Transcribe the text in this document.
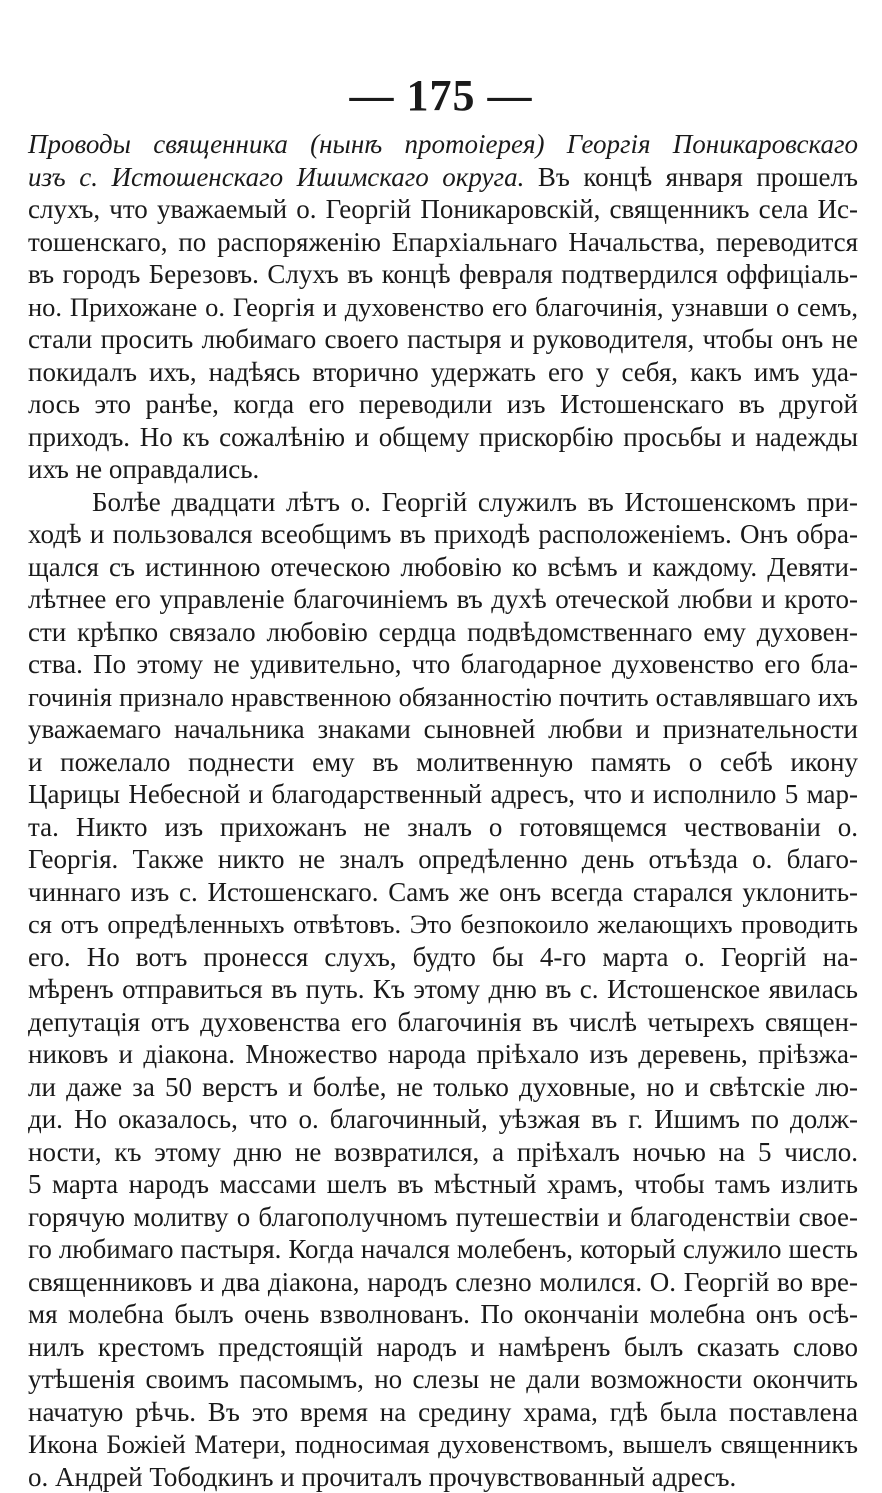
— 175 —
Проводы священника (нынѣ протоіерея) Георгія Поникаровскаго
изъ с. Истошенскаго Ишимскаго округа. Въ концѣ января прошелъ
слухъ, что уважаемый о. Георгій Поникаровскій, священникъ села Ис-
тошенскаго, по распоряженію Епархіальнаго Начальства, переводится
въ городъ Березовъ. Слухъ въ концѣ февраля подтвердился оффиціаль-
но. Прихожане о. Георгія и духовенство его благочинія, узнавши о семъ,
стали просить любимаго своего пастыря и руководителя, чтобы онъ не
покидалъ ихъ, надѣясь вторично удержать его у себя, какъ имъ уда-
лось это ранѣе, когда его переводили изъ Истошенскаго въ другой
приходъ. Но къ сожалѣнію и общему прискорбію просьбы и надежды
ихъ не оправдались.
Болѣе двадцати лѣтъ о. Георгій служилъ въ Истошенскомъ при-
ходѣ и пользовался всеобщимъ въ приходѣ расположеніемъ. Онъ обра-
щался съ истинною отеческою любовію ко всѣмъ и каждому. Девяти-
лѣтнее его управленіе благочиніемъ въ духѣ отеческой любви и крото-
сти крѣпко связало любовію сердца подвѣдомственнаго ему духовен-
ства. По этому не удивительно, что благодарное духовенство его бла-
гочинія признало нравственною обязанностію почтить оставлявшаго ихъ
уважаемаго начальника знаками сыновней любви и признательности
и пожелало поднести ему въ молитвенную память о себѣ икону
Царицы Небесной и благодарственный адресъ, что и исполнило 5 мар-
та. Никто изъ прихожанъ не зналъ о готовящемся чествованіи о.
Георгія. Также никто не зналъ опредѣленно день отъѣзда о. благо-
чиннаго изъ с. Истошенскаго. Самъ же онъ всегда старался уклонить-
ся отъ опредѣленныхъ отвѣтовъ. Это безпокоило желающихъ проводить
его. Но вотъ пронесся слухъ, будто бы 4-го марта о. Георгій на-
мѣренъ отправиться въ путь. Къ этому дню въ с. Истошенское явилась
депутація отъ духовенства его благочинія въ числѣ четырехъ священ-
никовъ и діакона. Множество народа пріѣхало изъ деревень, пріѣзжа-
ли даже за 50 верстъ и болѣе, не только духовные, но и свѣтскіе лю-
ди. Но оказалось, что о. благочинный, уѣзжая въ г. Ишимъ по долж-
ности, къ этому дню не возвратился, а пріѣхалъ ночью на 5 число.
5 марта народъ массами шелъ въ мѣстный храмъ, чтобы тамъ излить
горячую молитву о благополучномъ путешествіи и благоденствіи свое-
го любимаго пастыря. Когда начался молебенъ, который служило шесть
священниковъ и два діакона, народъ слезно молился. О. Георгій во вре-
мя молебна былъ очень взволнованъ. По окончаніи молебна онъ осѣ-
нилъ крестомъ предстоящій народъ и намѣренъ былъ сказать слово
утѣшенія своимъ пасомымъ, но слезы не дали возможности окончить
начатую рѣчь. Въ это время на средину храма, гдѣ была поставлена
Икона Божіей Матери, подносимая духовенствомъ, вышелъ священникъ
о. Андрей Тободкинъ и прочиталъ прочувствованный адресъ.
